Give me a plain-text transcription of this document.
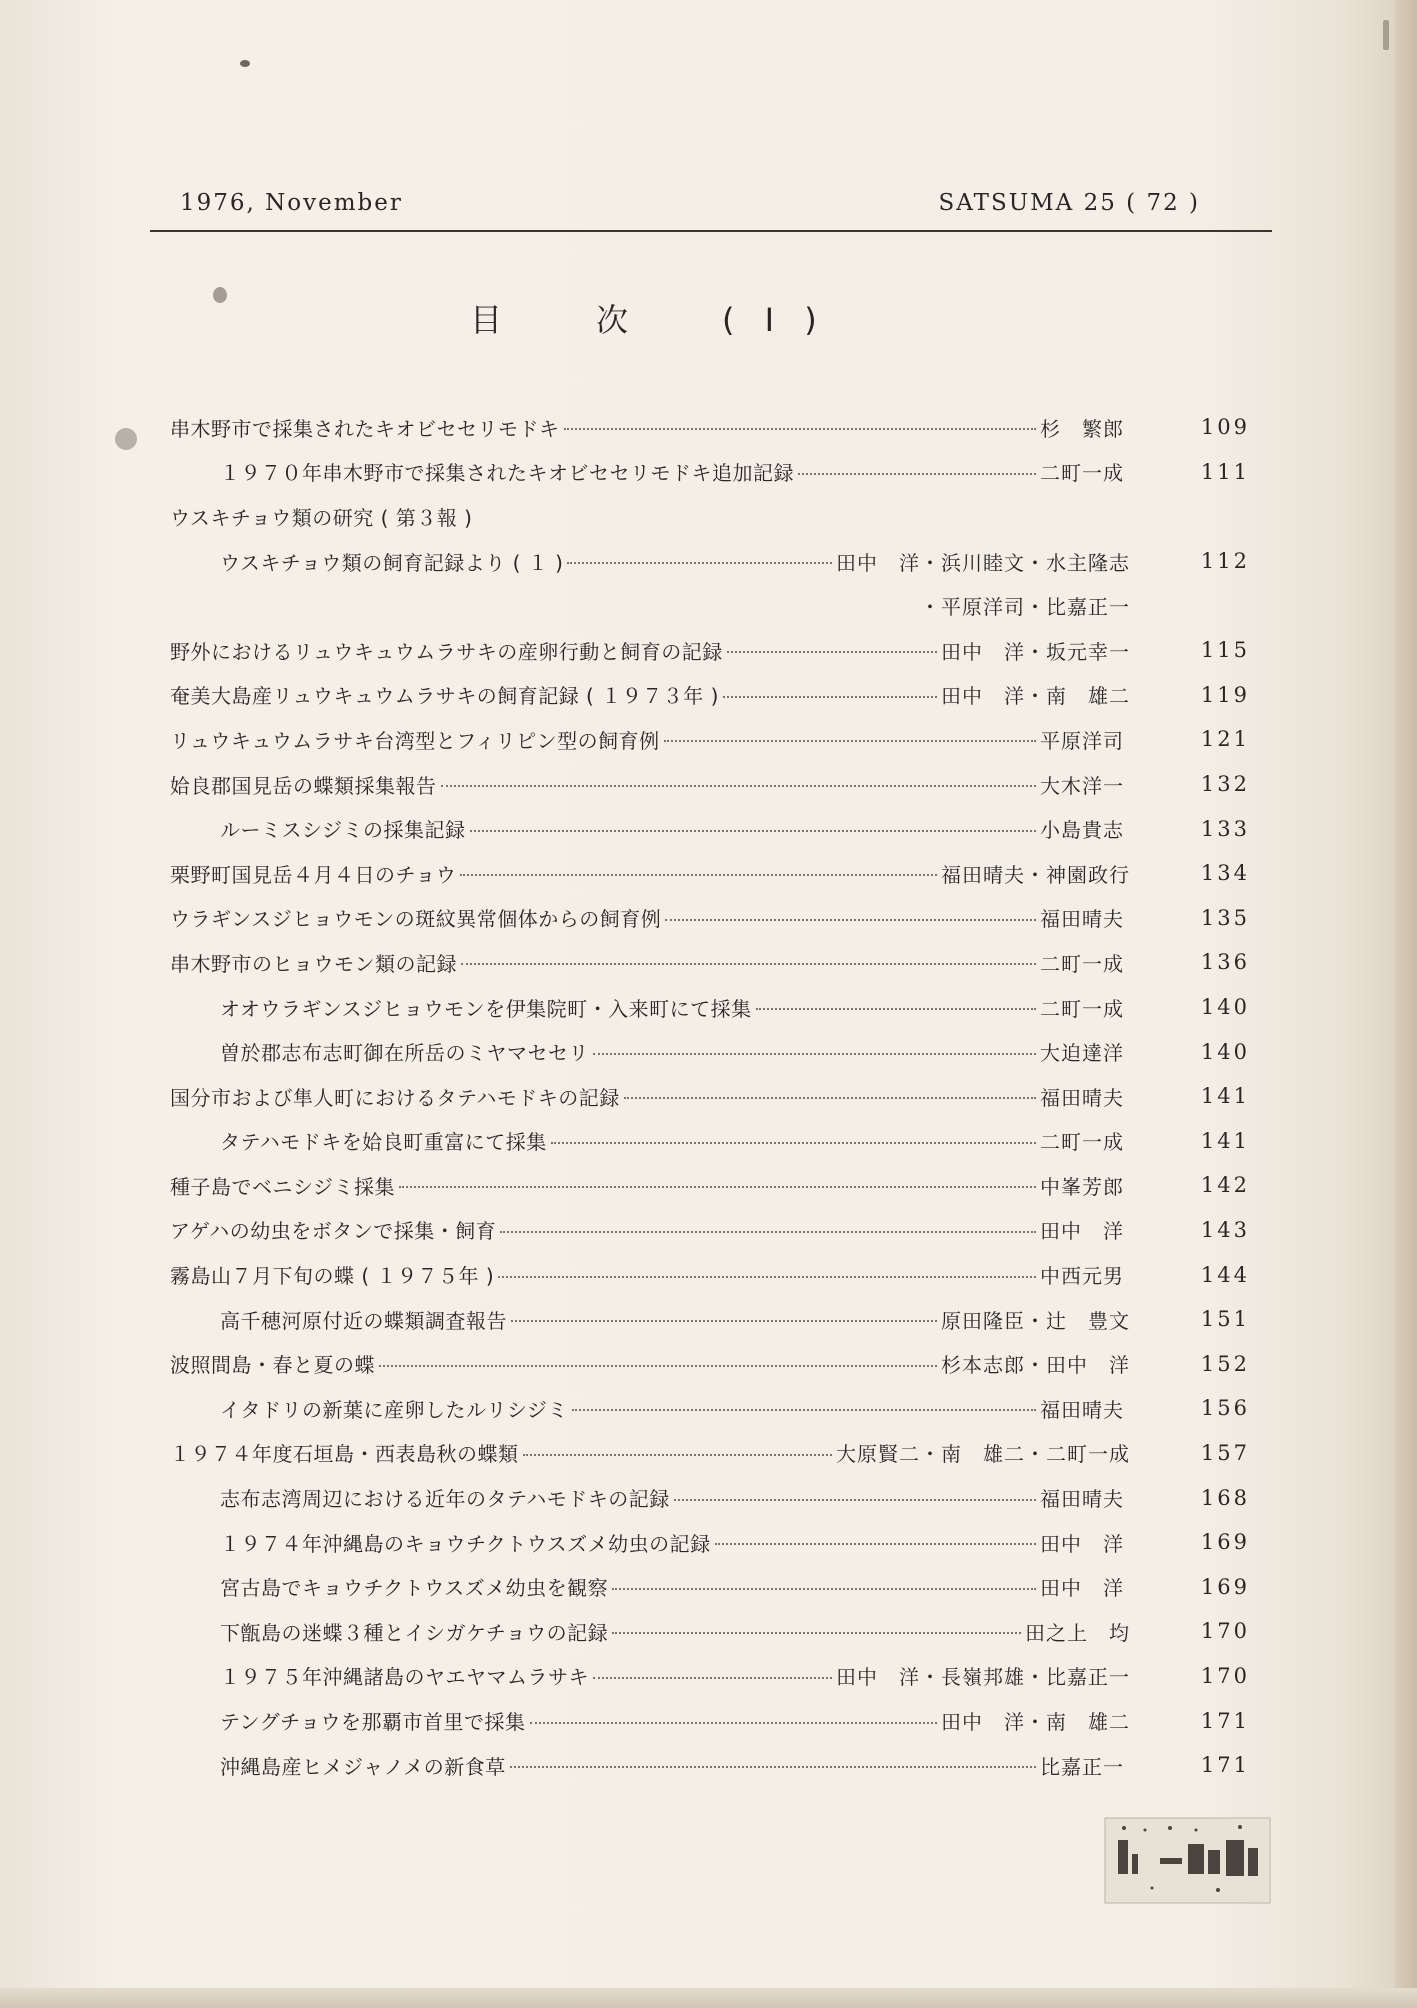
1976, November	SATSUMA 25 ( 72 )
目　　次　　( I )
串木野市で採集されたキオビセセリモドキ	杉　繁郎	109
１９７０年串木野市で採集されたキオビセセリモドキ追加記録	二町一成	111
ウスキチョウ類の研究 ( 第３報 )
ウスキチョウ類の飼育記録より ( １ )	田中　洋・浜川睦文・水主隆志	112
・平原洋司・比嘉正一
野外におけるリュウキュウムラサキの産卵行動と飼育の記録	田中　洋・坂元幸一	115
奄美大島産リュウキュウムラサキの飼育記録 ( １９７３年 )	田中　洋・南　雄二	119
リュウキュウムラサキ台湾型とフィリピン型の飼育例	平原洋司	121
姶良郡国見岳の蝶類採集報告	大木洋一	132
ルーミスシジミの採集記録	小島貴志	133
栗野町国見岳４月４日のチョウ	福田晴夫・神園政行	134
ウラギンスジヒョウモンの斑紋異常個体からの飼育例	福田晴夫	135
串木野市のヒョウモン類の記録	二町一成	136
オオウラギンスジヒョウモンを伊集院町・入来町にて採集	二町一成	140
曽於郡志布志町御在所岳のミヤマセセリ	大迫達洋	140
国分市および隼人町におけるタテハモドキの記録	福田晴夫	141
タテハモドキを姶良町重富にて採集	二町一成	141
種子島でベニシジミ採集	中峯芳郎	142
アゲハの幼虫をボタンで採集・飼育	田中　洋	143
霧島山７月下旬の蝶 ( １９７５年 )	中西元男	144
高千穂河原付近の蝶類調査報告	原田隆臣・辻　豊文	151
波照間島・春と夏の蝶	杉本志郎・田中　洋	152
イタドリの新葉に産卵したルリシジミ	福田晴夫	156
１９７４年度石垣島・西表島秋の蝶類	大原賢二・南　雄二・二町一成	157
志布志湾周辺における近年のタテハモドキの記録	福田晴夫	168
１９７４年沖縄島のキョウチクトウスズメ幼虫の記録	田中　洋	169
宮古島でキョウチクトウスズメ幼虫を観察	田中　洋	169
下甑島の迷蝶３種とイシガケチョウの記録	田之上　均	170
１９７５年沖縄諸島のヤエヤマムラサキ	田中　洋・長嶺邦雄・比嘉正一	170
テングチョウを那覇市首里で採集	田中　洋・南　雄二	171
沖縄島産ヒメジャノメの新食草	比嘉正一	171
